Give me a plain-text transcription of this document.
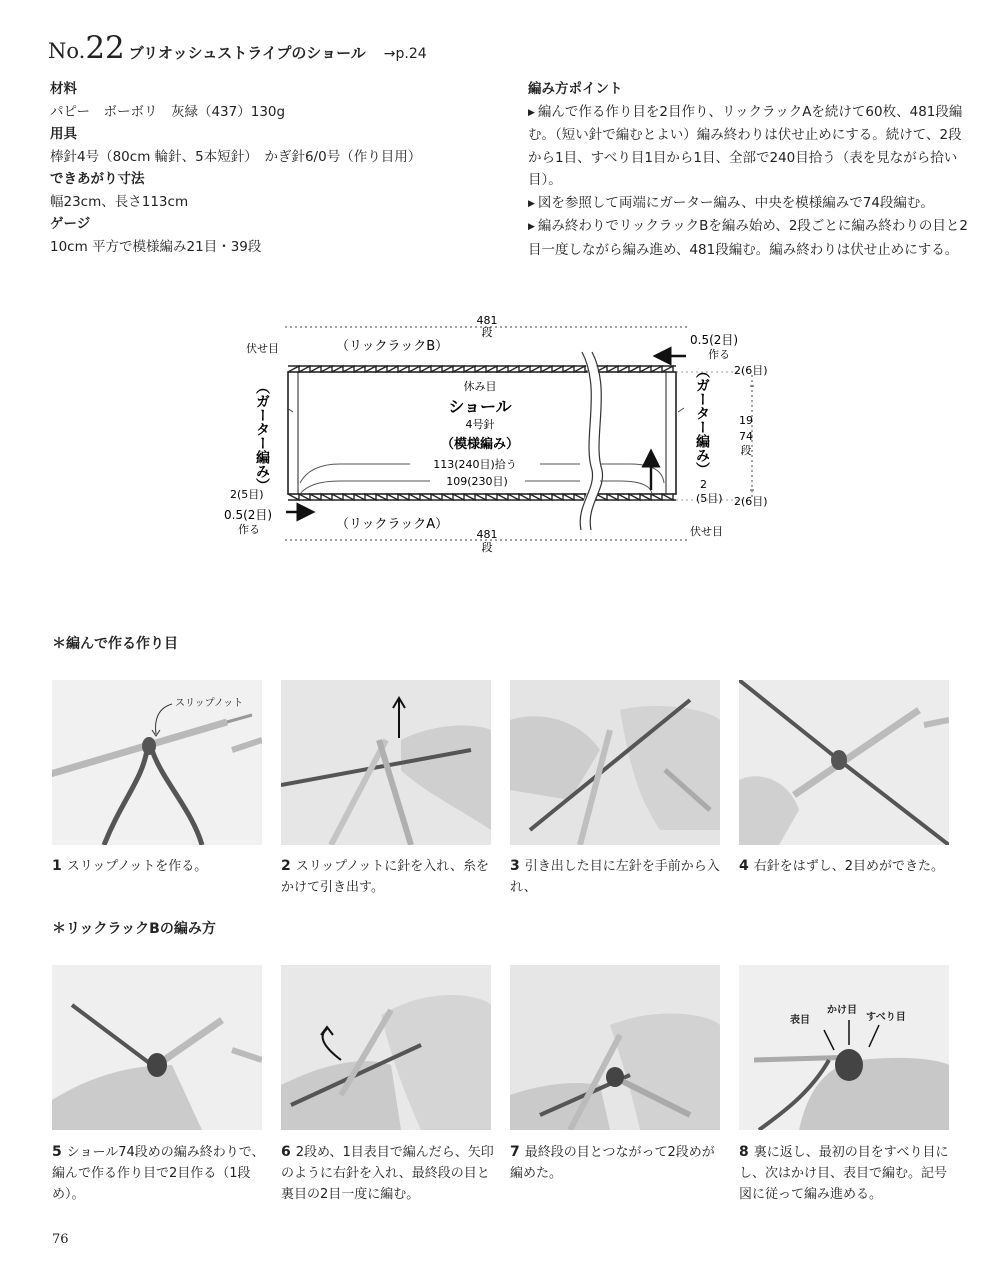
No.22 ブリオッシュストライプのショール →p.24
材料
パピー　ボーボリ　灰緑（437）130g
用具
棒針4号（80cm 輪針、5本短針）　かぎ針6/0号（作り目用）
できあがり寸法
幅23cm、長さ113cm
ゲージ
10cm 平方で模様編み21目・39段
編み方ポイント

▶ 編んで作る作り目を2目作り、リックラックAを続けて60枚、481段編む。（短い針で編むとよい）編み終わりは伏せ止めにする。続けて、2段から1目、すべり目1目から1目、全部で240目拾う（表を見ながら拾い目）。

▶ 図を参照して両端にガーター編み、中央を模様編みで74段編む。

▶ 編み終わりでリックラックBを編み始め、2段ごとに編み終わりの目と2目一度しながら編み進め、481段編む。編み終わりは伏せ止めにする。

481
段
481
段
（リックラックB）
（リックラックA）
伏せ目
伏せ目
0.5(2目)
作る
0.5(2目)
作る
休み目
ショール
4号針
（模様編み）
113(240目)拾う
109(230目)
2(5目)
2
(5目)
2(6目)
19
74
段
2(6目)
（ガーター編み）	（ガーター編み）
＊編んで作る作り目
スリップノット
1 スリップノットを作る。	2 スリップノットに針を入れ、糸をかけて引き出す。
3 引き出した目に左針を手前から入れ、
4 右針をはずし、2目めができた。
＊リックラックBの編み方
表目
かけ目
すべり目
5 ショール74段めの編み終わりで、編んで作る作り目で2目作る（1段め）。
6 2段め、1目表目で編んだら、矢印のように右針を入れ、最終段の目と裏目の2目一度に編む。
7 最終段の目とつながって2段めが編めた。
8 裏に返し、最初の目をすべり目にし、次はかけ目、表目で編む。記号図に従って編み進める。
76
